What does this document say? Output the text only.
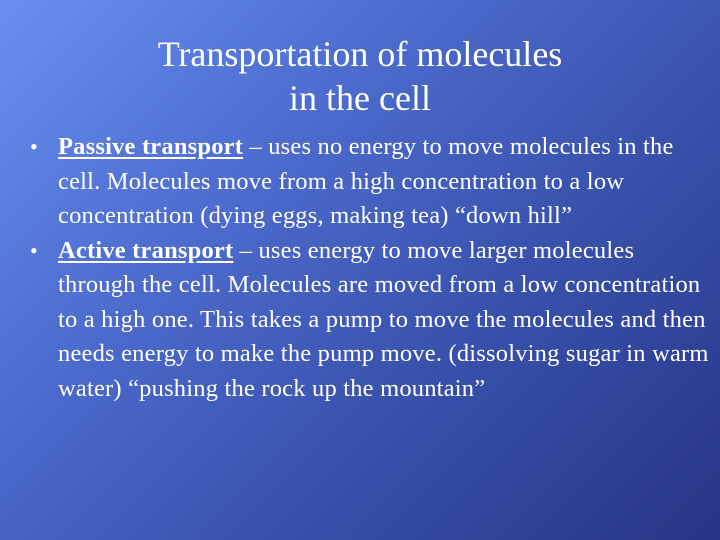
Transportation of molecules
in the cell
• Passive transport – uses no energy to move molecules in the cell. Molecules move from a high concentration to a low concentration (dying eggs, making tea) “down hill”
• Active transport – uses energy to move larger molecules through the cell. Molecules are moved from a low concentration to a high one. This takes a pump to move the molecules and then needs energy to make the pump move. (dissolving sugar in warm water) “pushing the rock up the mountain”
